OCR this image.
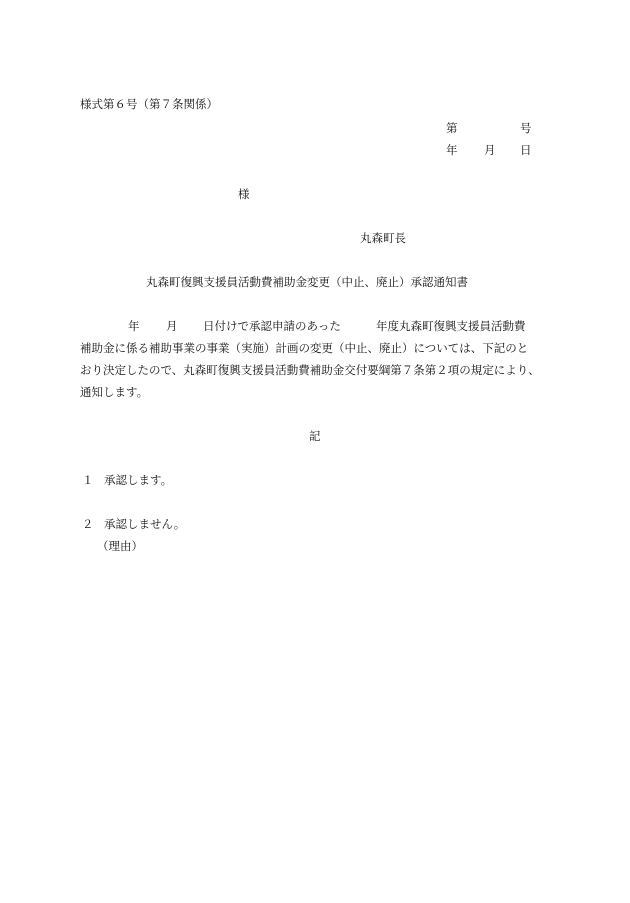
様式第６号（第７条関係）
第	号
年 月 日
様
丸森町長
丸森町復興支援員活動費補助金変更（中止、廃止）承認通知書
年 月 日付けで承認申請のあった	年度丸森町復興支援員活動費
補助金に係る補助事業の事業（実施）計画の変更（中止、廃止）については、下記のと
おり決定したので、丸森町復興支援員活動費補助金交付要綱第７条第２項の規定により、
通知します。
記
１ 承認します。
２ 承認しません。
（理由）
